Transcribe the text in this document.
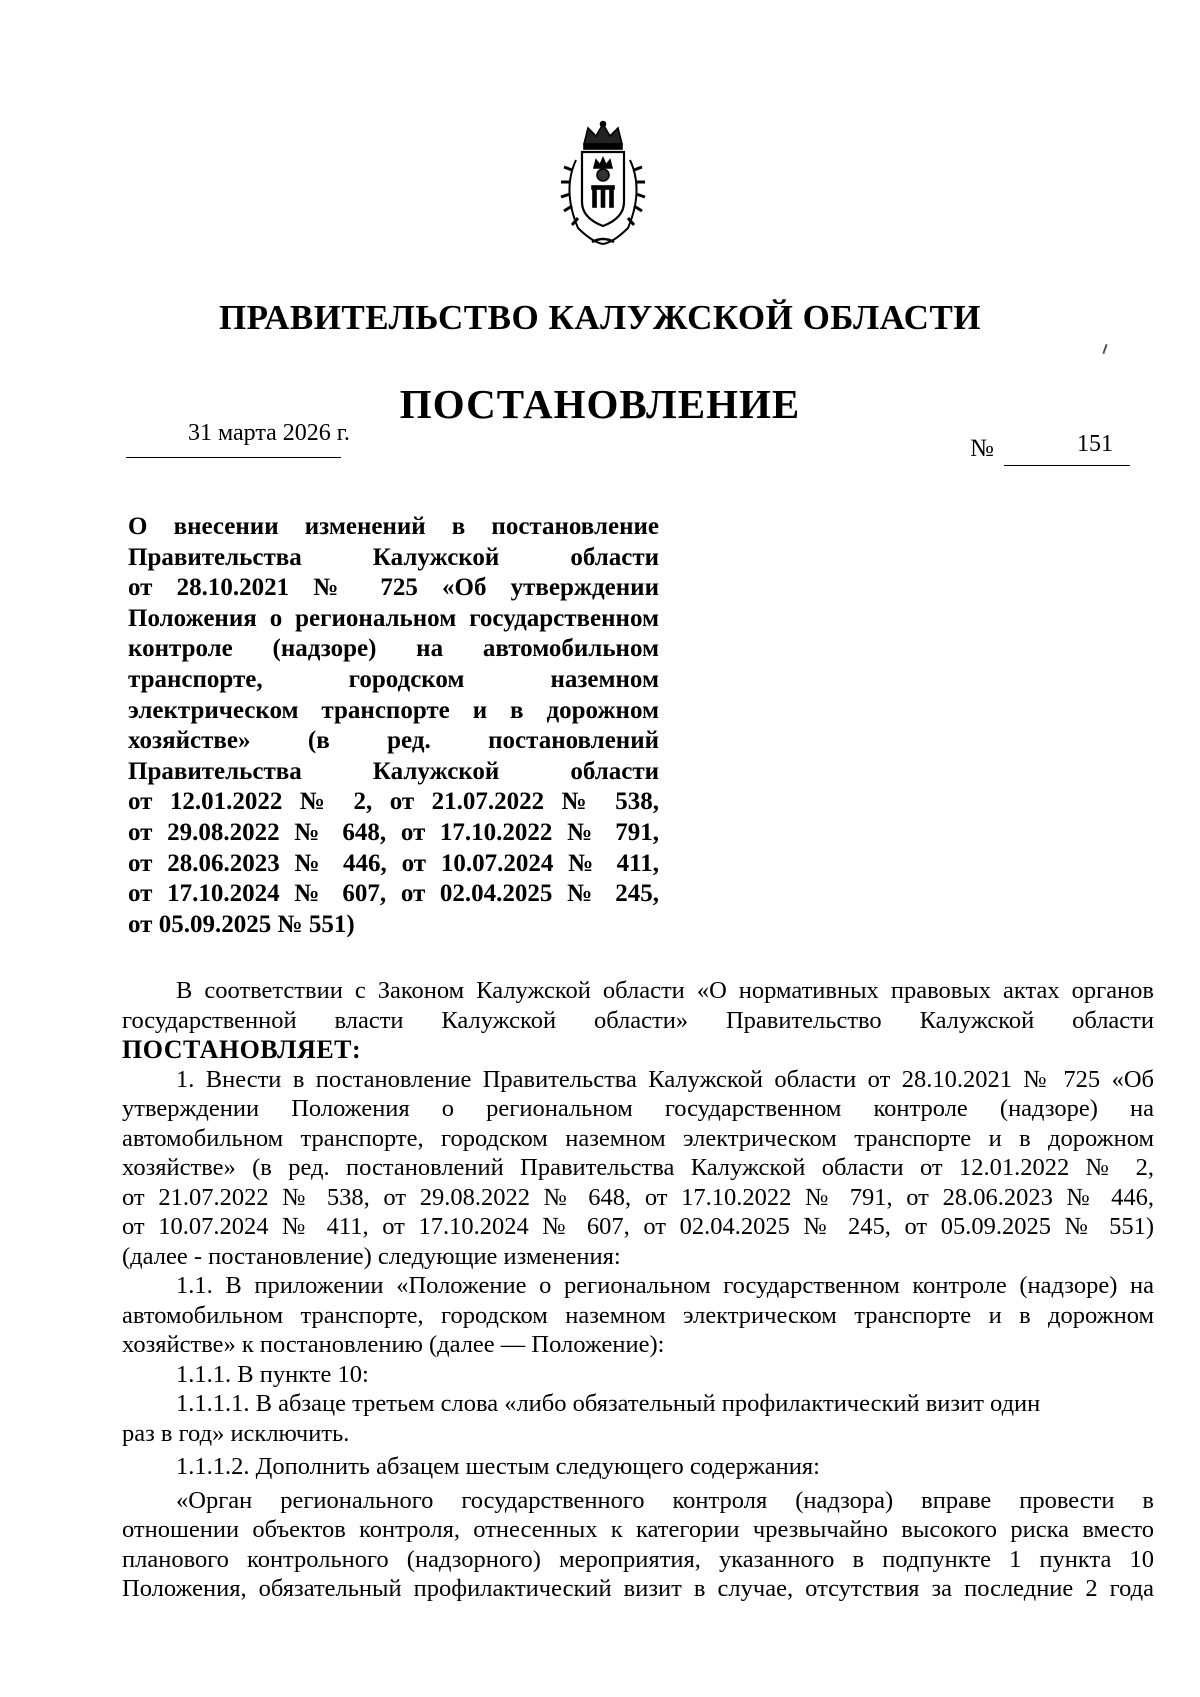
ПРАВИТЕЛЬСТВО КАЛУЖСКОЙ ОБЛАСТИ
ПОСТАНОВЛЕНИЕ
31 марта 2026 г.
№	151
О внесении изменений в постановление
Правительства Калужской области
от 28.10.2021 № 725 «Об утверждении
Положения о региональном государственном
контроле (надзоре) на автомобильном
транспорте, городском наземном
электрическом транспорте и в дорожном
хозяйстве» (в ред. постановлений
Правительства Калужской области
от 12.01.2022 № 2, от 21.07.2022 № 538,
от 29.08.2022 № 648, от 17.10.2022 № 791,
от 28.06.2023 № 446, от 10.07.2024 № 411,
от 17.10.2024 № 607, от 02.04.2025 № 245,
от 05.09.2025 № 551)
В соответствии с Законом Калужской области «О нормативных правовых актах органов
государственной власти Калужской области» Правительство Калужской области
ПОСТАНОВЛЯЕТ:
1. Внести в постановление Правительства Калужской области от 28.10.2021 № 725 «Об
утверждении Положения о региональном государственном контроле (надзоре) на
автомобильном транспорте, городском наземном электрическом транспорте и в дорожном
хозяйстве» (в ред. постановлений Правительства Калужской области от 12.01.2022 № 2,
от 21.07.2022 № 538, от 29.08.2022 № 648, от 17.10.2022 № 791, от 28.06.2023 № 446,
от 10.07.2024 № 411, от 17.10.2024 № 607, от 02.04.2025 № 245, от 05.09.2025 № 551)
(далее - постановление) следующие изменения:
1.1. В приложении «Положение о региональном государственном контроле (надзоре) на
автомобильном транспорте, городском наземном электрическом транспорте и в дорожном
хозяйстве» к постановлению (далее — Положение):
1.1.1. В пункте 10:
1.1.1.1. В абзаце третьем слова «либо обязательный профилактический визит один
раз в год» исключить.
1.1.1.2. Дополнить абзацем шестым следующего содержания:
«Орган регионального государственного контроля (надзора) вправе провести в
отношении объектов контроля, отнесенных к категории чрезвычайно высокого риска вместо
планового контрольного (надзорного) мероприятия, указанного в подпункте 1 пункта 10
Положения, обязательный профилактический визит в случае, отсутствия за последние 2 года
